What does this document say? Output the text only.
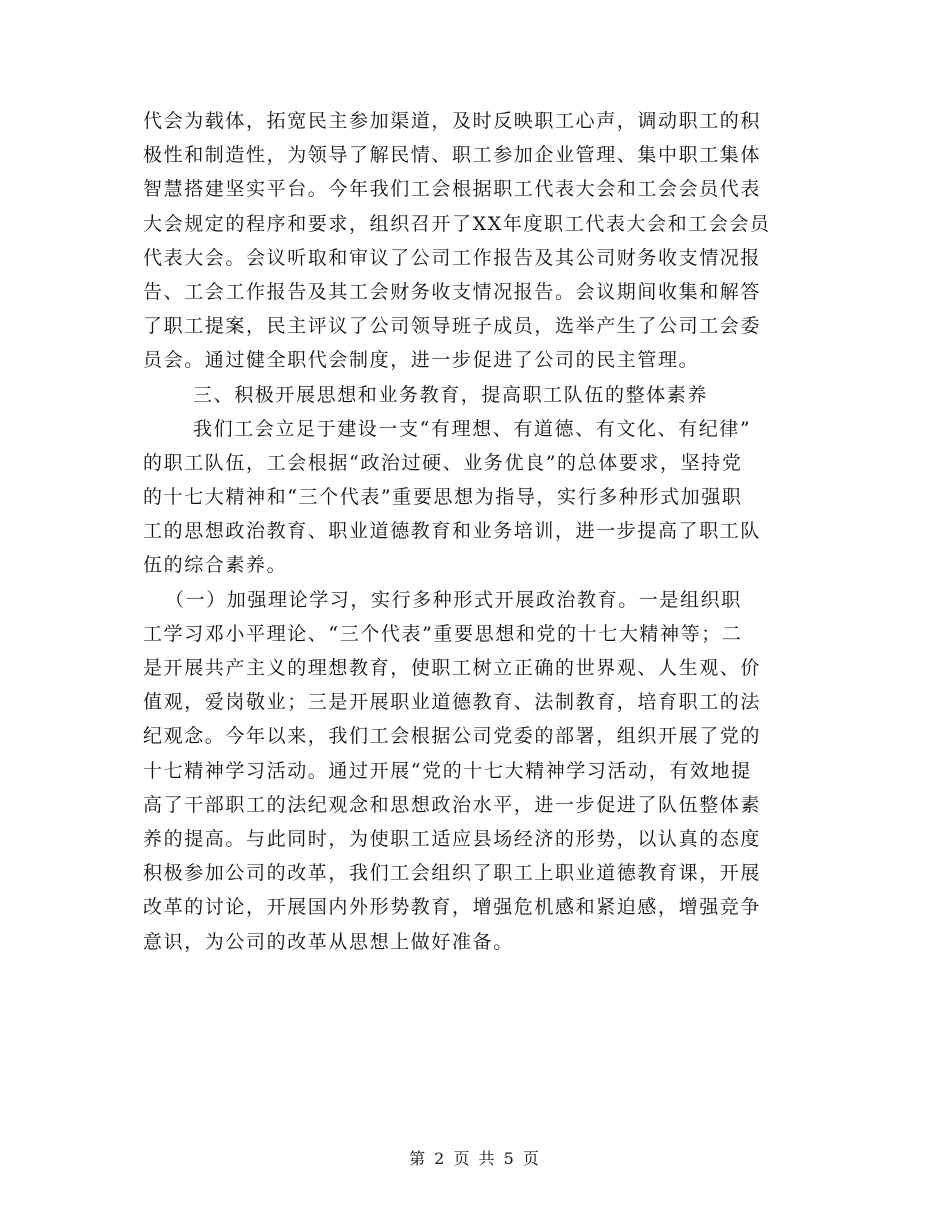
代会为载体，拓宽民主参加渠道，及时反映职工心声，调动职工的积
极性和制造性，为领导了解民情、职工参加企业管理、集中职工集体
智慧搭建坚实平台。今年我们工会根据职工代表大会和工会会员代表
大会规定的程序和要求，组织召开了XX年度职工代表大会和工会会员
代表大会。会议听取和审议了公司工作报告及其公司财务收支情况报
告、工会工作报告及其工会财务收支情况报告。会议期间收集和解答
了职工提案，民主评议了公司领导班子成员，选举产生了公司工会委
员会。通过健全职代会制度，进一步促进了公司的民主管理。
三、积极开展思想和业务教育，提高职工队伍的整体素养
我们工会立足于建设一支“有理想、有道德、有文化、有纪律”
的职工队伍，工会根据“政治过硬、业务优良”的总体要求，坚持党
的十七大精神和“三个代表”重要思想为指导，实行多种形式加强职
工的思想政治教育、职业道德教育和业务培训，进一步提高了职工队
伍的综合素养。
（一）加强理论学习，实行多种形式开展政治教育。一是组织职
工学习邓小平理论、“三个代表”重要思想和党的十七大精神等；二
是开展共产主义的理想教育，使职工树立正确的世界观、人生观、价
值观，爱岗敬业；三是开展职业道德教育、法制教育，培育职工的法
纪观念。今年以来，我们工会根据公司党委的部署，组织开展了党的
十七精神学习活动。通过开展“党的十七大精神学习活动，有效地提
高了干部职工的法纪观念和思想政治水平，进一步促进了队伍整体素
养的提高。与此同时，为使职工适应县场经济的形势，以认真的态度
积极参加公司的改革，我们工会组织了职工上职业道德教育课，开展
改革的讨论，开展国内外形势教育，增强危机感和紧迫感，增强竞争
意识，为公司的改革从思想上做好准备。
第 2 页 共 5 页
